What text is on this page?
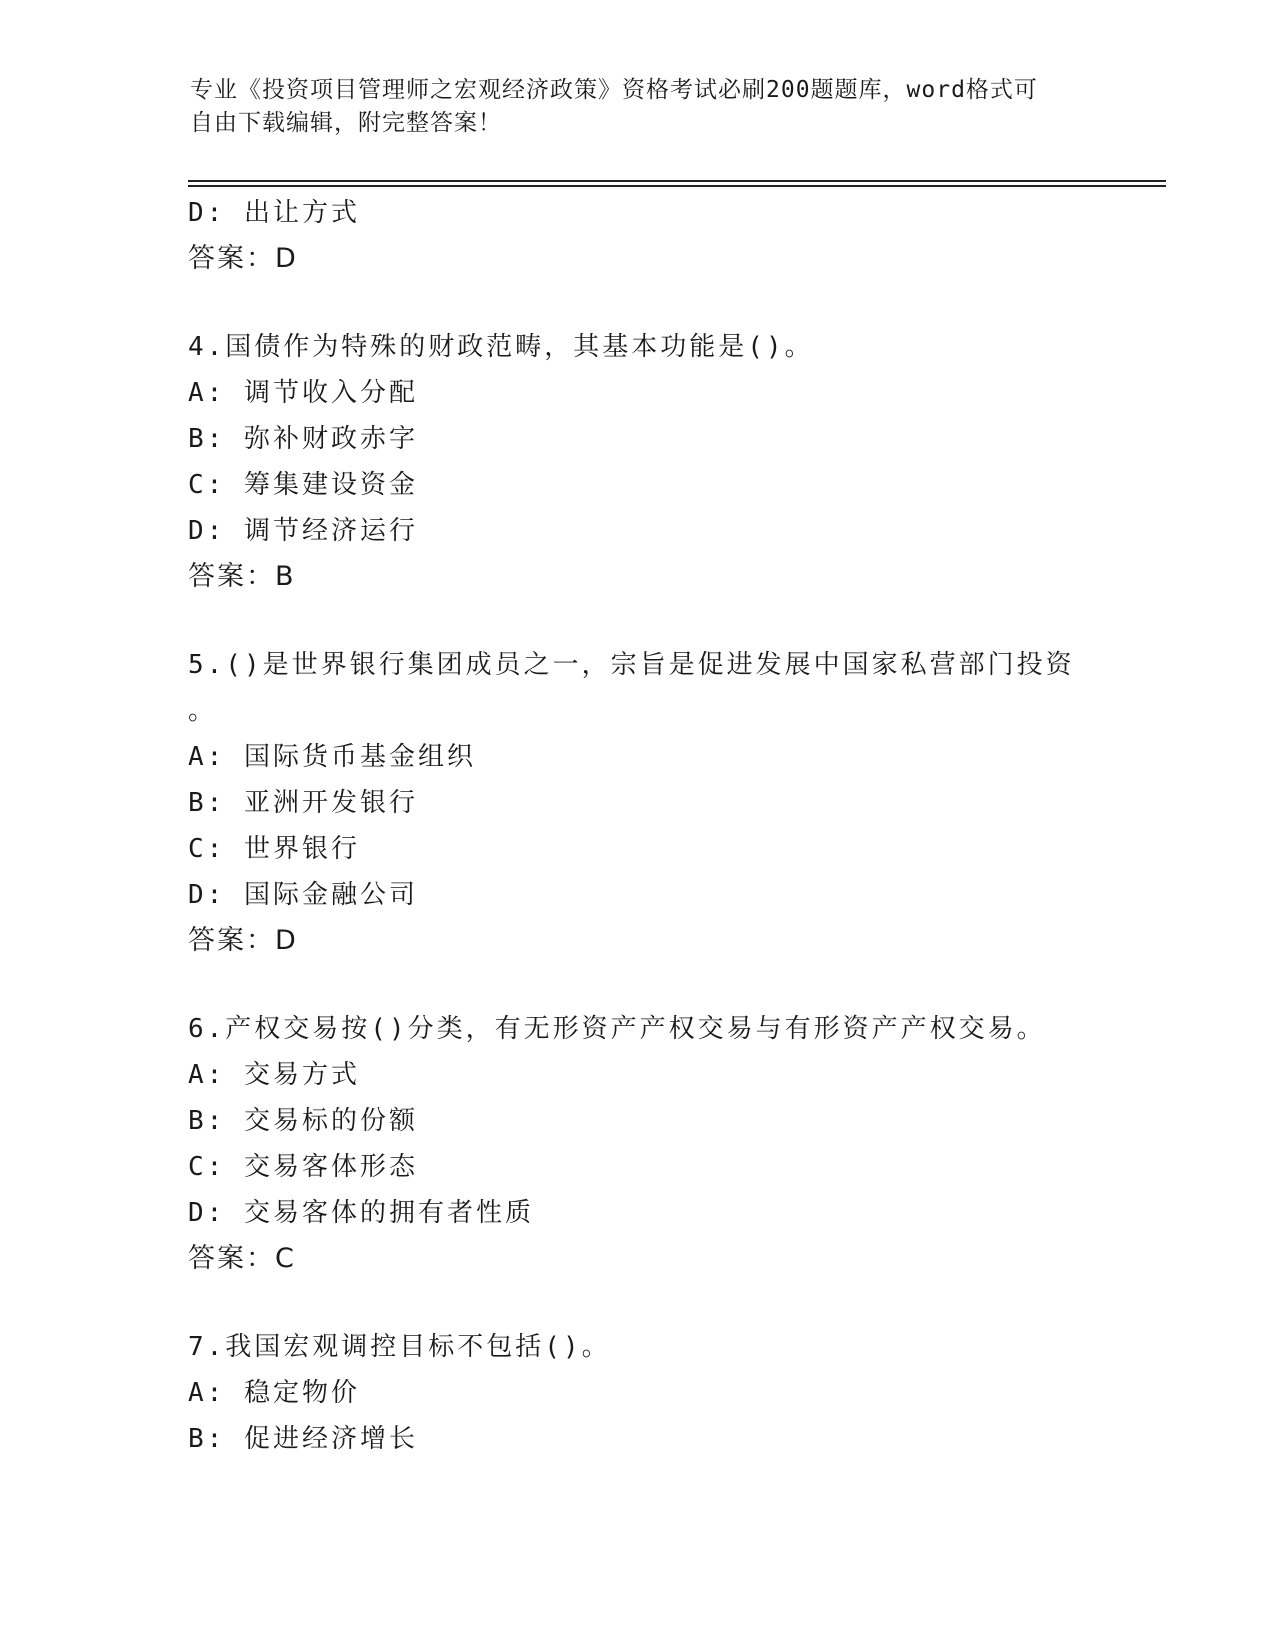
专业《投资项目管理师之宏观经济政策》资格考试必刷200题题库，word格式可
自由下载编辑，附完整答案！
D: 出让方式
答案：D
4.国债作为特殊的财政范畴，其基本功能是()。
A: 调节收入分配
B: 弥补财政赤字
C: 筹集建设资金
D: 调节经济运行
答案：B
5.()是世界银行集团成员之一，宗旨是促进发展中国家私营部门投资
。
A: 国际货币基金组织
B: 亚洲开发银行
C: 世界银行
D: 国际金融公司
答案：D
6.产权交易按()分类，有无形资产产权交易与有形资产产权交易。
A: 交易方式
B: 交易标的份额
C: 交易客体形态
D: 交易客体的拥有者性质
答案：C
7.我国宏观调控目标不包括()。
A: 稳定物价
B: 促进经济增长
